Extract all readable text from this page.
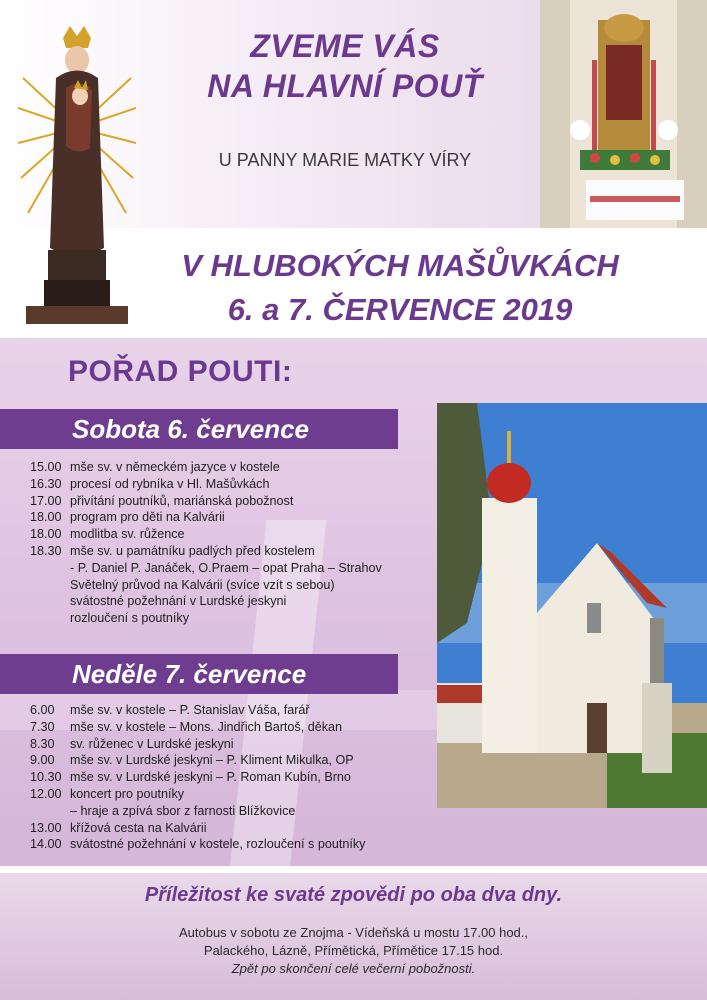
ZVEME VÁS
NA HLAVNÍ POUŤ
U PANNY MARIE MATKY VÍRY
V HLUBOKÝCH MAŠŮVKÁCH
6. a 7. ČERVENCE 2019
POŘAD POUTI:
Sobota 6. července
15.00 mše sv. v německém jazyce v kostele
16.30 procesí od rybníka v Hl. Mašůvkách
17.00 přivítání poutníků, mariánská pobožnost
18.00 program pro děti na Kalvárii
18.00 modlitba sv. růžence
18.30 mše sv. u památníku padlých před kostelem
- P. Daniel P. Janáček, O.Praem – opat Praha – Strahov
Světelný průvod na Kalvárii (svíce vzít s sebou)
svátostné požehnání v Lurdské jeskyni
rozloučení s poutníky
Neděle 7. července
6.00	mše sv. v kostele – P. Stanislav Váša, farář
7.30	mše sv. v kostele – Mons. Jindřich Bartoš, děkan
8.30	sv. růženec v Lurdské jeskyni
9.00	mše sv. v Lurdské jeskyni – P. Kliment Mikulka, OP
10.30 mše sv. v Lurdské jeskyni – P. Roman Kubín, Brno
12.00 koncert pro poutníky
– hraje a zpívá sbor z farnosti Blížkovice
13.00 křížová cesta na Kalvárii
14.00 svátostné požehnání v kostele, rozloučení s poutníky
Příležitost ke svaté zpovědi po oba dva dny.
Autobus v sobotu ze Znojma - Vídeňská u mostu 17.00 hod.,
Palackého, Lázně, Přímětická, Přímětice 17.15 hod.
Zpět po skončení celé večerní pobožnosti.
